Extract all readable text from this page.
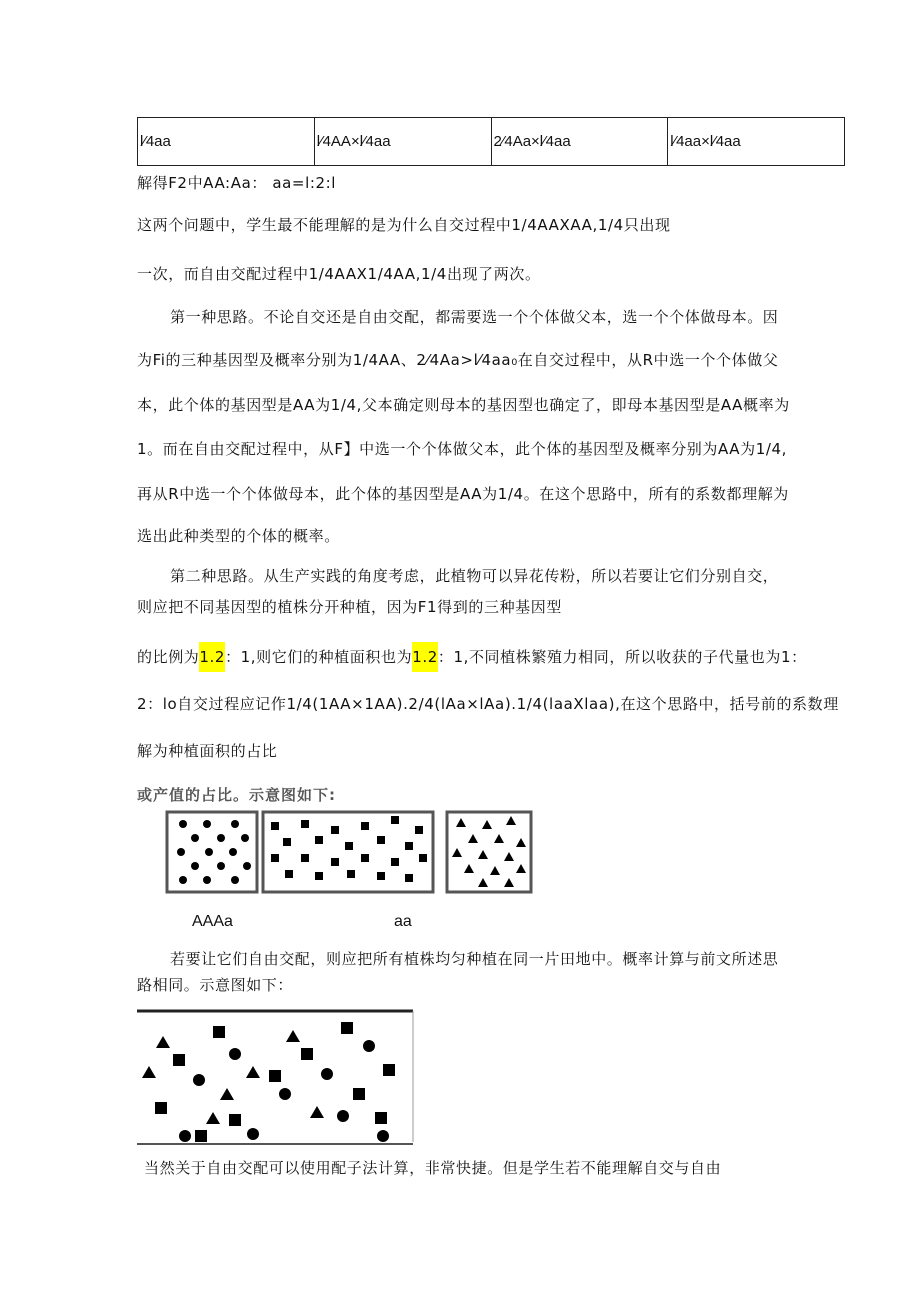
l⁄4aa	l⁄4AA×l⁄4aa	2⁄4Aa×l⁄4aa	l⁄4aa×l⁄4aa
解得F2中AA:Aa： aa=l:2:l
这两个问题中，学生最不能理解的是为什么自交过程中1/4AAXAA,1/4只出现
一次，而自由交配过程中1/4AAX1/4AA,1/4出现了两次。
第一种思路。不论自交还是自由交配，都需要选一个个体做父本，选一个个体做母本。因
为Fi的三种基因型及概率分别为1/4AA、2⁄4Aa>l⁄4aa₀在自交过程中，从R中选一个个体做父
本，此个体的基因型是AA为1/4,父本确定则母本的基因型也确定了，即母本基因型是AA概率为
1。而在自由交配过程中，从F】中选一个个体做父本，此个体的基因型及概率分别为AA为1/4,
再从R中选一个个体做母本，此个体的基因型是AA为1/4。在这个思路中，所有的系数都理解为
选出此种类型的个体的概率。
第二种思路。从生产实践的角度考虑，此植物可以异花传粉，所以若要让它们分别自交，
则应把不同基因型的植株分开种植，因为F1得到的三种基因型
的比例为1.2：1,则它们的种植面积也为1.2：1,不同植株繁殖力相同，所以收获的子代量也为1：
2：lo自交过程应记作1/4(1AA×1AA).2/4(lAa×lAa).1/4(laaXlaa),在这个思路中，括号前的系数理
解为种植面积的占比
或产值的占比。示意图如下:
AAAa	aa
若要让它们自由交配，则应把所有植株均匀种植在同一片田地中。概率计算与前文所述思
路相同。示意图如下：
当然关于自由交配可以使用配子法计算，非常快捷。但是学生若不能理解自交与自由
